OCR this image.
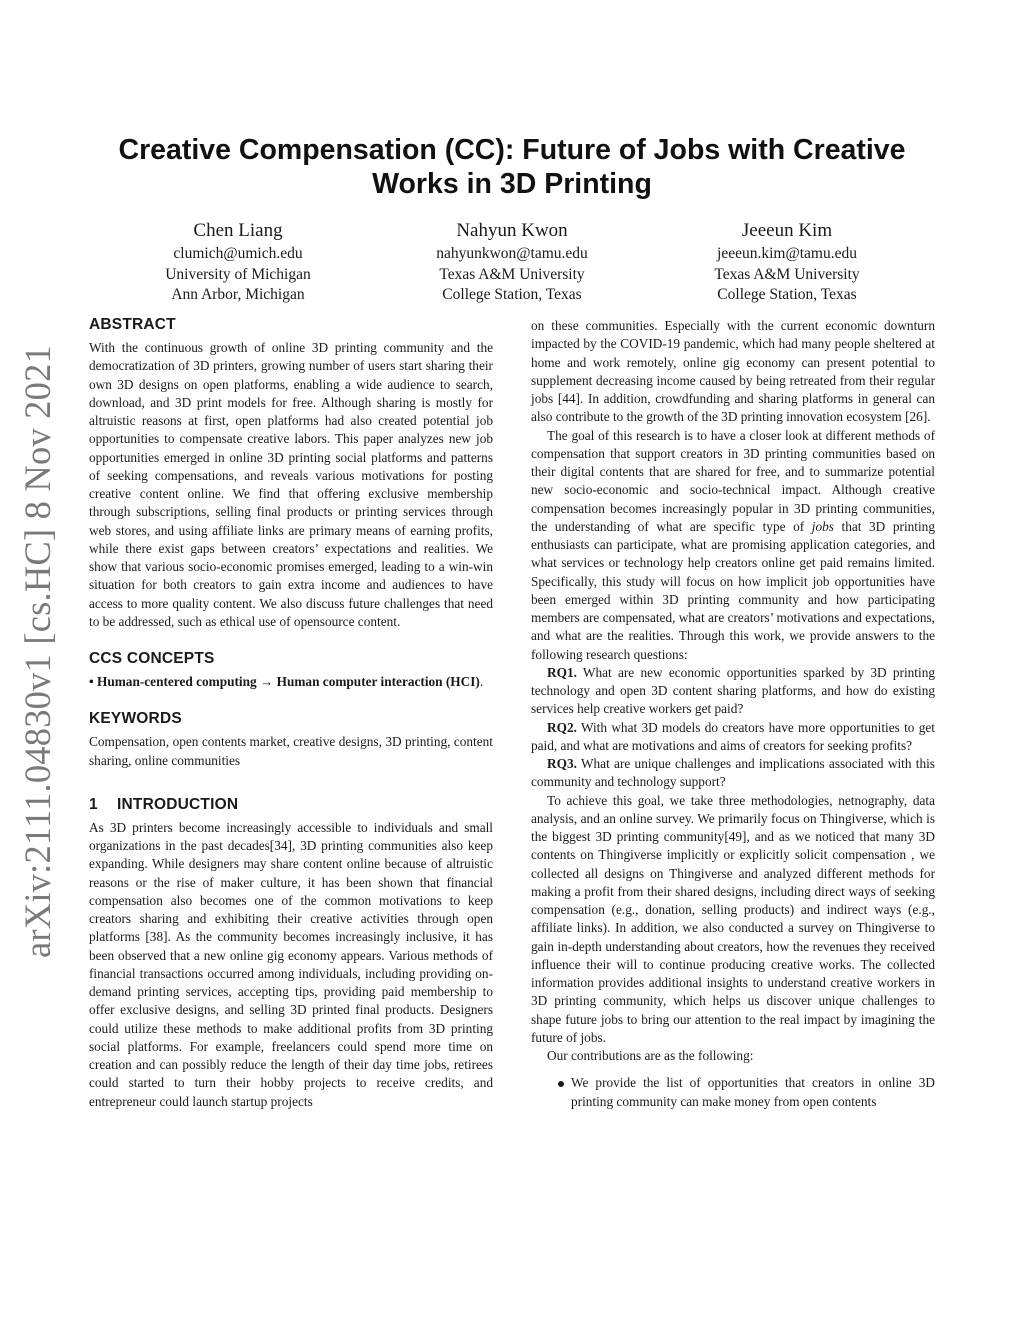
arXiv:2111.04830v1 [cs.HC] 8 Nov 2021
Creative Compensation (CC): Future of Jobs with Creative Works in 3D Printing
Chen Liang
clumich@umich.edu
University of Michigan
Ann Arbor, Michigan
Nahyun Kwon
nahyunkwon@tamu.edu
Texas A&M University
College Station, Texas
Jeeeun Kim
jeeeun.kim@tamu.edu
Texas A&M University
College Station, Texas
ABSTRACT

With the continuous growth of online 3D printing community and the democratization of 3D printers, growing number of users start sharing their own 3D designs on open platforms, enabling a wide audience to search, download, and 3D print models for free. Although sharing is mostly for altruistic reasons at first, open platforms had also created potential job opportunities to compensate creative labors. This paper analyzes new job opportunities emerged in online 3D printing social platforms and patterns of seeking compensations, and reveals various motivations for posting creative content online. We find that offering exclusive membership through subscriptions, selling final products or printing services through web stores, and using affiliate links are primary means of earning profits, while there exist gaps between creators’ expectations and realities. We show that various socio-economic promises emerged, leading to a win-win situation for both creators to gain extra income and audiences to have access to more quality content. We also discuss future challenges that need to be addressed, such as ethical use of opensource content.

CCS CONCEPTS

• Human-centered computing → Human computer interaction (HCI).

KEYWORDS

Compensation, open contents market, creative designs, 3D printing, content sharing, online communities

1 INTRODUCTION

As 3D printers become increasingly accessible to individuals and small organizations in the past decades[34], 3D printing communities also keep expanding. While designers may share content online because of altruistic reasons or the rise of maker culture, it has been shown that financial compensation also becomes one of the common motivations to keep creators sharing and exhibiting their creative activities through open platforms [38]. As the community becomes increasingly inclusive, it has been observed that a new online gig economy appears. Various methods of financial transactions occurred among individuals, including providing on-demand printing services, accepting tips, providing paid membership to offer exclusive designs, and selling 3D printed final products. Designers could utilize these methods to make additional profits from 3D printing social platforms. For example, freelancers could spend more time on creation and can possibly reduce the length of their day time jobs, retirees could started to turn their hobby projects to receive credits, and entrepreneur could launch startup projects

on these communities. Especially with the current economic downturn impacted by the COVID-19 pandemic, which had many people sheltered at home and work remotely, online gig economy can present potential to supplement decreasing income caused by being retreated from their regular jobs [44]. In addition, crowdfunding and sharing platforms in general can also contribute to the growth of the 3D printing innovation ecosystem [26].

The goal of this research is to have a closer look at different methods of compensation that support creators in 3D printing communities based on their digital contents that are shared for free, and to summarize potential new socio-economic and socio-technical impact. Although creative compensation becomes increasingly popular in 3D printing communities, the understanding of what are specific type of jobs that 3D printing enthusiasts can participate, what are promising application categories, and what services or technology help creators online get paid remains limited. Specifically, this study will focus on how implicit job opportunities have been emerged within 3D printing community and how participating members are compensated, what are creators’ motivations and expectations, and what are the realities. Through this work, we provide answers to the following research questions:

RQ1. What are new economic opportunities sparked by 3D printing technology and open 3D content sharing platforms, and how do existing services help creative workers get paid?

RQ2. With what 3D models do creators have more opportunities to get paid, and what are motivations and aims of creators for seeking profits?

RQ3. What are unique challenges and implications associated with this community and technology support?

To achieve this goal, we take three methodologies, netnography, data analysis, and an online survey. We primarily focus on Thingiverse, which is the biggest 3D printing community[49], and as we noticed that many 3D contents on Thingiverse implicitly or explicitly solicit compensation , we collected all designs on Thingiverse and analyzed different methods for making a profit from their shared designs, including direct ways of seeking compensation (e.g., donation, selling products) and indirect ways (e.g., affiliate links). In addition, we also conducted a survey on Thingiverse to gain in-depth understanding about creators, how the revenues they received influence their will to continue producing creative works. The collected information provides additional insights to understand creative workers in 3D printing community, which helps us discover unique challenges to shape future jobs to bring our attention to the real impact by imagining the future of jobs.

Our contributions are as the following:

We provide the list of opportunities that creators in online 3D printing community can make money from open contents
